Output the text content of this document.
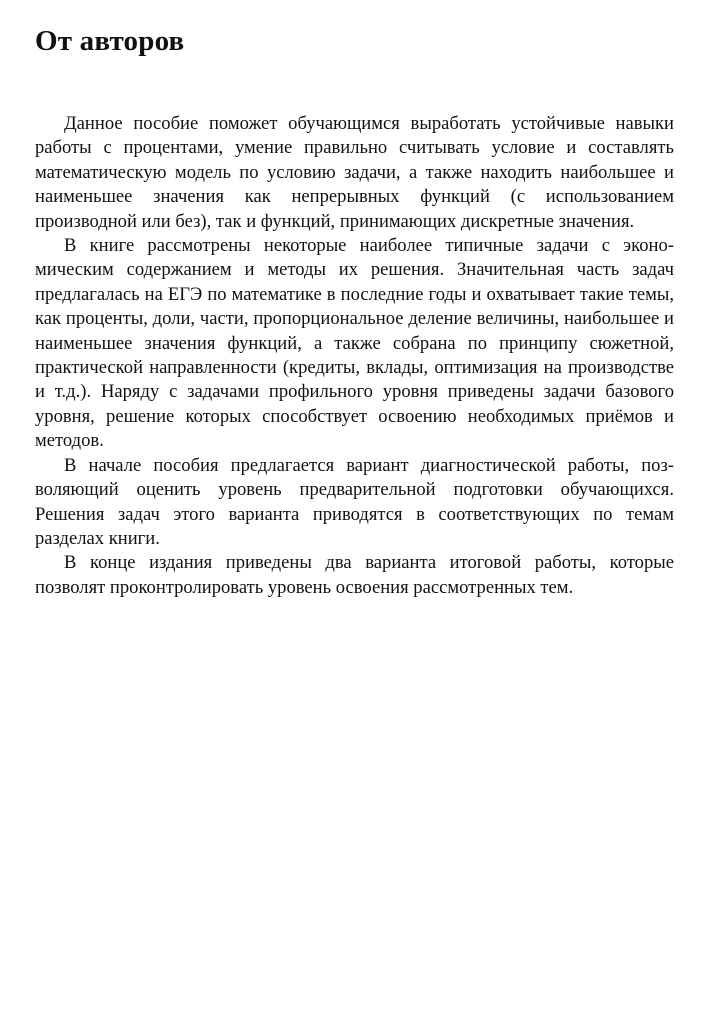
От авторов

Данное пособие поможет обучающимся выработать устойчивые навыки работы с процентами, умение правильно считывать условие и составлять математическую модель по условию задачи, а также находить наибольшее и наименьшее значения как непрерывных функций (с использованием производной или без), так и функций, принимающих дискретные значения.

В книге рассмотрены некоторые наиболее типичные задачи с экономическим содержанием и методы их решения. Значительная часть задач предлагалась на ЕГЭ по математике в последние годы и охватывает такие темы, как проценты, доли, части, пропорциональное деление величины, наибольшее и наименьшее значения функций, а также собрана по принципу сюжетной, практической направленности (кредиты, вклады, оптимизация на производстве и т.д.). Наряду с задачами профильного уровня приведены задачи базового уровня, решение которых способствует освоению необходимых приёмов и методов.

В начале пособия предлагается вариант диагностической работы, позволяющий оценить уровень предварительной подготовки обучающихся. Решения задач этого варианта приводятся в соответствующих по темам разделах книги.

В конце издания приведены два варианта итоговой работы, которые позволят проконтролировать уровень освоения рассмотренных тем.
